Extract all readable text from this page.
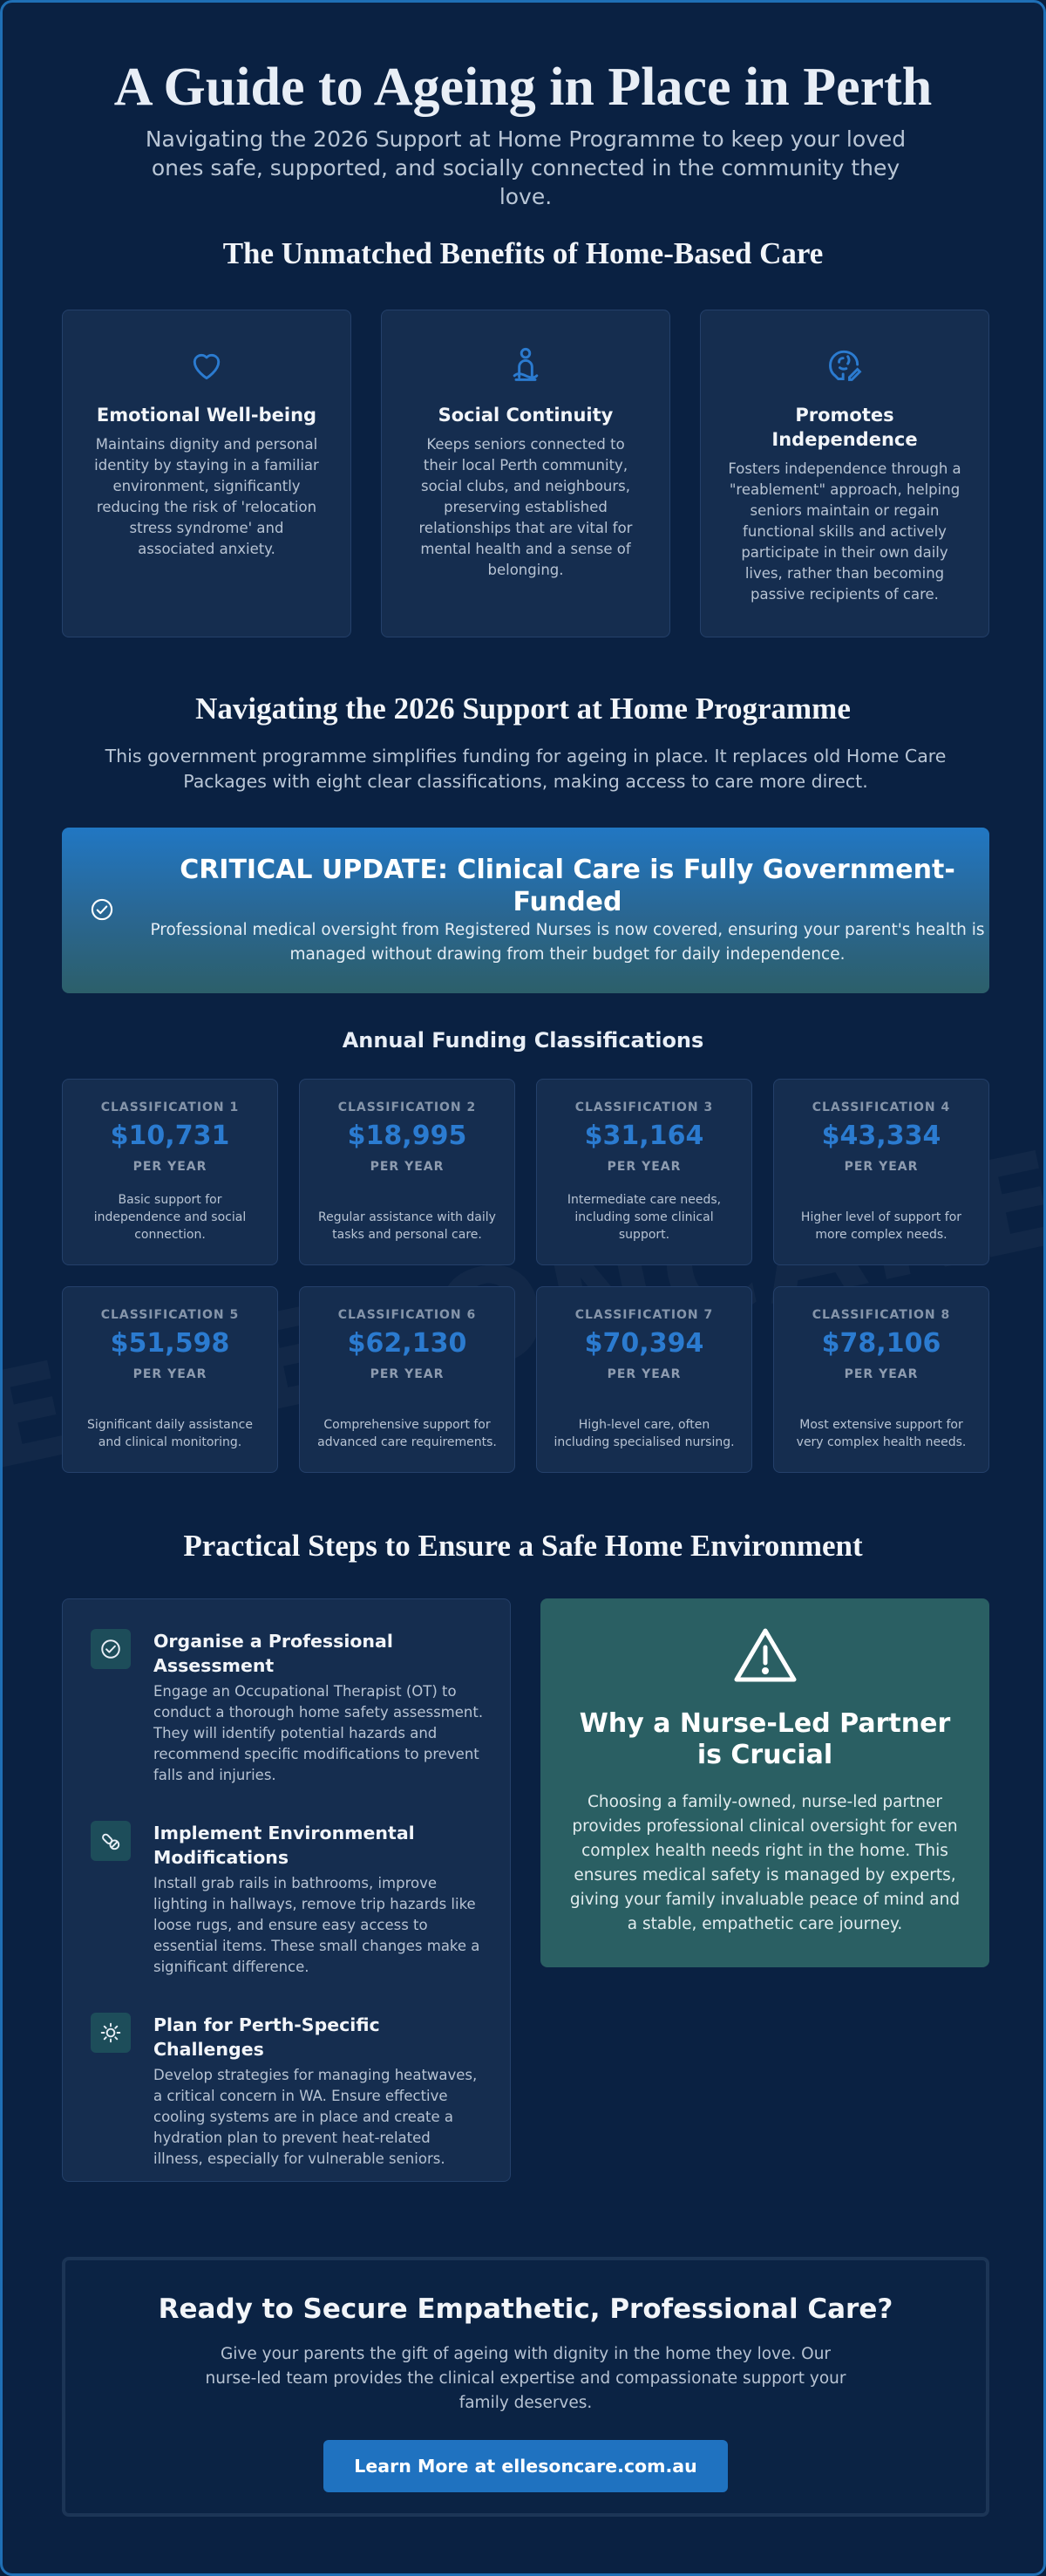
A Guide to Ageing in Place in Perth

Navigating the 2026 Support at Home Programme to keep your loved ones safe, supported, and socially connected in the community they love.

The Unmatched Benefits of Home-Based Care
Emotional Well-being

Maintains dignity and personal identity by staying in a familiar environment, significantly reducing the risk of 'relocation stress syndrome' and associated anxiety.

Social Continuity

Keeps seniors connected to their local Perth community, social clubs, and neighbours, preserving established relationships that are vital for mental health and a sense of belonging.

Promotes Independence

Fosters independence through a "reablement" approach, helping seniors maintain or regain functional skills and actively participate in their own daily lives, rather than becoming passive recipients of care.

Navigating the 2026 Support at Home Programme

This government programme simplifies funding for ageing in place. It replaces old Home Care Packages with eight clear classifications, making access to care more direct.

CRITICAL UPDATE: Clinical Care is Fully Government-Funded

Professional medical oversight from Registered Nurses is now covered, ensuring your parent's health is managed without drawing from their budget for daily independence.

Annual Funding Classifications
CLASSIFICATION 1
$10,731
PER YEAR
Basic support for independence and social connection.
CLASSIFICATION 2
$18,995
PER YEAR
Regular assistance with daily tasks and personal care.
CLASSIFICATION 3
$31,164
PER YEAR
Intermediate care needs, including some clinical support.
CLASSIFICATION 4
$43,334
PER YEAR
Higher level of support for more complex needs.
CLASSIFICATION 5
$51,598
PER YEAR
Significant daily assistance and clinical monitoring.
CLASSIFICATION 6
$62,130
PER YEAR
Comprehensive support for advanced care requirements.
CLASSIFICATION 7
$70,394
PER YEAR
High-level care, often including specialised nursing.
CLASSIFICATION 8
$78,106
PER YEAR
Most extensive support for very complex health needs.
Practical Steps to Ensure a Safe Home Environment
Organise a Professional Assessment

Engage an Occupational Therapist (OT) to conduct a thorough home safety assessment. They will identify potential hazards and recommend specific modifications to prevent falls and injuries.

Implement Environmental Modifications

Install grab rails in bathrooms, improve lighting in hallways, remove trip hazards like loose rugs, and ensure easy access to essential items. These small changes make a significant difference.

Plan for Perth-Specific Challenges

Develop strategies for managing heatwaves, a critical concern in WA. Ensure effective cooling systems are in place and create a hydration plan to prevent heat-related illness, especially for vulnerable seniors.

Why a Nurse-Led Partner is Crucial

Choosing a family-owned, nurse-led partner provides professional clinical oversight for even complex health needs right in the home. This ensures medical safety is managed by experts, giving your family invaluable peace of mind and a stable, empathetic care journey.

Ready to Secure Empathetic, Professional Care?

Give your parents the gift of ageing with dignity in the home they love. Our nurse-led team provides the clinical expertise and compassionate support your family deserves.

Learn More at ellesoncare.com.au
